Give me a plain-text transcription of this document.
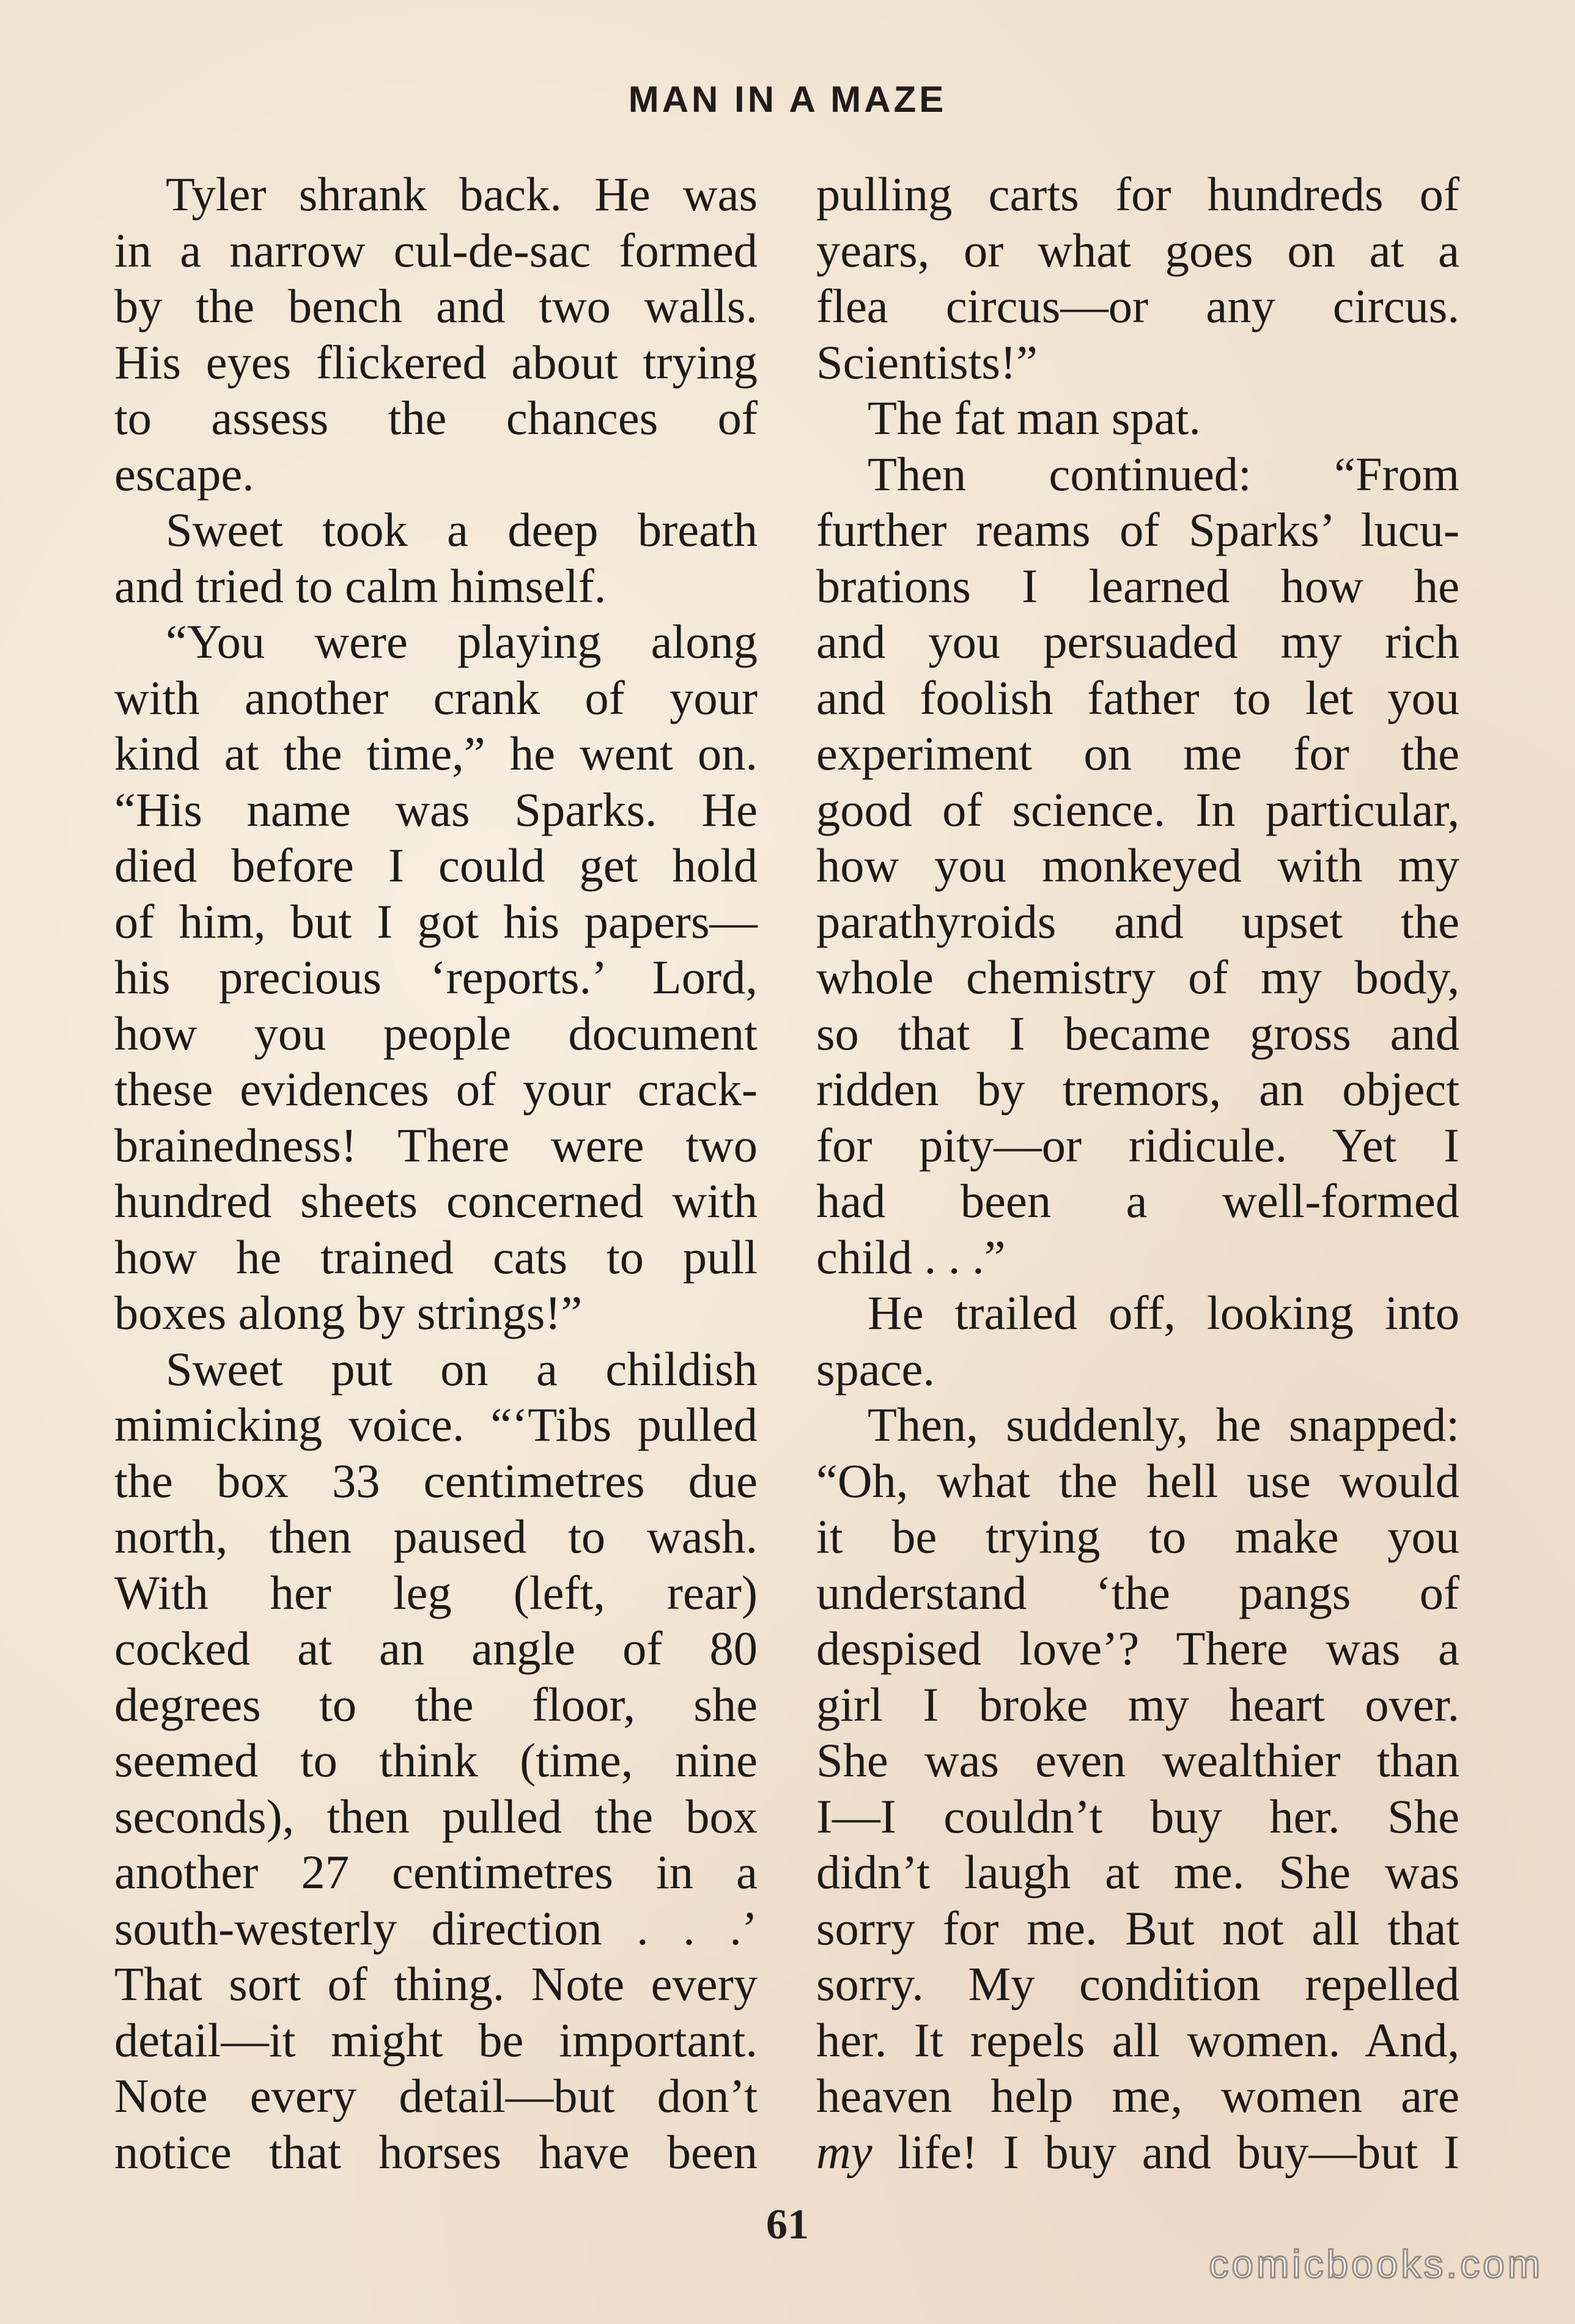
MAN IN A MAZE
Tyler shrank back. He was
in a narrow cul-de-sac formed
by the bench and two walls.
His eyes flickered about trying
to assess the chances of
escape.
Sweet took a deep breath
and tried to calm himself.
“You were playing along
with another crank of your
kind at the time,” he went on.
“His name was Sparks. He
died before I could get hold
of him, but I got his papers—
his precious ‘reports.’ Lord,
how you people document
these evidences of your crack-
brainedness! There were two
hundred sheets concerned with
how he trained cats to pull
boxes along by strings!”
Sweet put on a childish
mimicking voice. “‘Tibs pulled
the box 33 centimetres due
north, then paused to wash.
With her leg (left, rear)
cocked at an angle of 80
degrees to the floor, she
seemed to think (time, nine
seconds), then pulled the box
another 27 centimetres in a
south-westerly direction . . .’
That sort of thing. Note every
detail—it might be important.
Note every detail—but don’t
notice that horses have been
pulling carts for hundreds of
years, or what goes on at a
flea circus—or any circus.
Scientists!”
The fat man spat.
Then continued: “From
further reams of Sparks’ lucu-
brations I learned how he
and you persuaded my rich
and foolish father to let you
experiment on me for the
good of science. In particular,
how you monkeyed with my
parathyroids and upset the
whole chemistry of my body,
so that I became gross and
ridden by tremors, an object
for pity—or ridicule. Yet I
had been a well-formed
child . . .”
He trailed off, looking into
space.
Then, suddenly, he snapped:
“Oh, what the hell use would
it be trying to make you
understand ‘the pangs of
despised love’? There was a
girl I broke my heart over.
She was even wealthier than
I—I couldn’t buy her. She
didn’t laugh at me. She was
sorry for me. But not all that
sorry. My condition repelled
her. It repels all women. And,
heaven help me, women are
my life! I buy and buy—but I
61
comicbooks.com
